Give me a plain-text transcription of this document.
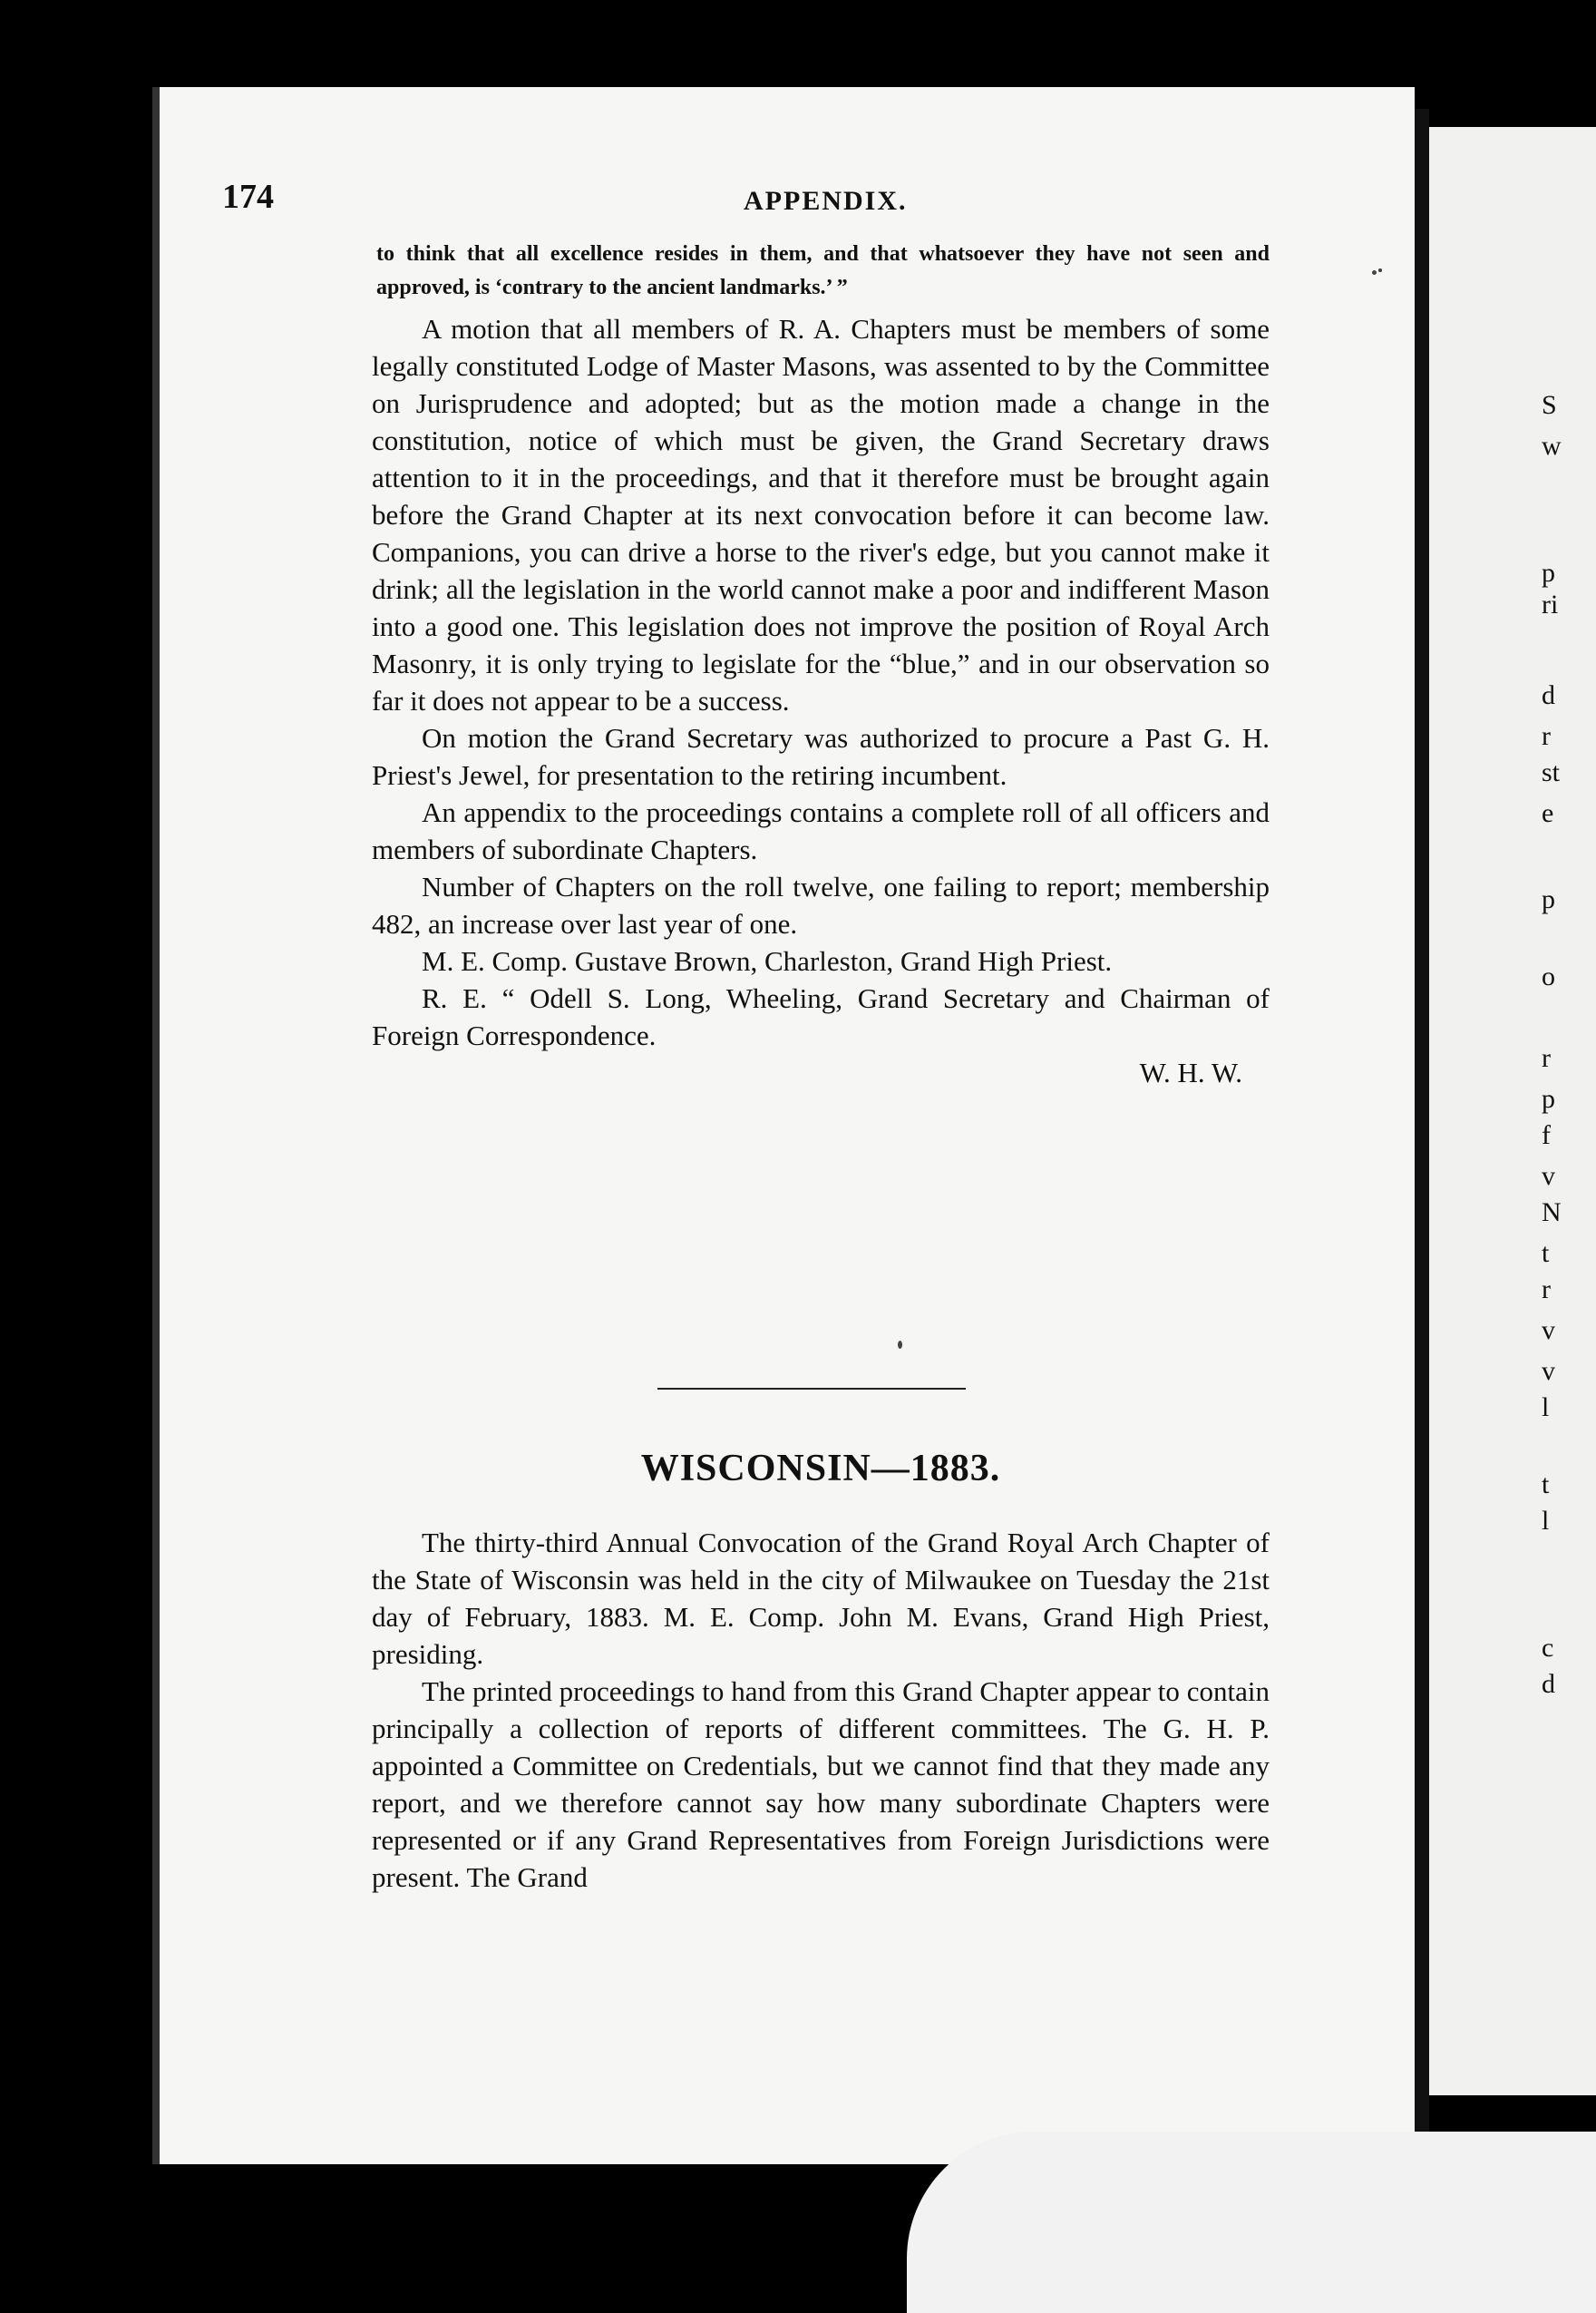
S
w
p
ri
d
r
st
e
p
o
r
p
f
v
N
t
r
v
v
l
t
l
c
d
174	APPENDIX.
to think that all excellence resides in them, and that whatsoever they have not seen and approved, is ‘contrary to the ancient landmarks.’ ”

A motion that all members of R. A. Chapters must be members of some legally constituted Lodge of Master Masons, was assented to by the Committee on Jurisprudence and adopted; but as the motion made a change in the constitution, notice of which must be given, the Grand Secretary draws attention to it in the proceedings, and that it therefore must be brought again before the Grand Chapter at its next convocation before it can become law. Companions, you can drive a horse to the river's edge, but you cannot make it drink; all the legislation in the world cannot make a poor and indifferent Mason into a good one. This legislation does not improve the position of Royal Arch Masonry, it is only trying to legislate for the “blue,” and in our observation so far it does not appear to be a success.

On motion the Grand Secretary was authorized to procure a Past G. H. Priest's Jewel, for presentation to the retiring incumbent.

An appendix to the proceedings contains a complete roll of all officers and members of subordinate Chapters.

Number of Chapters on the roll twelve, one failing to report; membership 482, an increase over last year of one.

M. E. Comp. Gustave Brown, Charleston, Grand High Priest.

R. E. “ Odell S. Long, Wheeling, Grand Secretary and Chairman of Foreign Correspondence.

W. H. W.

WISCONSIN—1883.

The thirty-third Annual Convocation of the Grand Royal Arch Chapter of the State of Wisconsin was held in the city of Milwaukee on Tuesday the 21st day of February, 1883. M. E. Comp. John M. Evans, Grand High Priest, presiding.

The printed proceedings to hand from this Grand Chapter appear to contain principally a collection of reports of different committees. The G. H. P. appointed a Committee on Credentials, but we cannot find that they made any report, and we therefore cannot say how many subordinate Chapters were represented or if any Grand Representatives from Foreign Jurisdictions were present. The Grand
